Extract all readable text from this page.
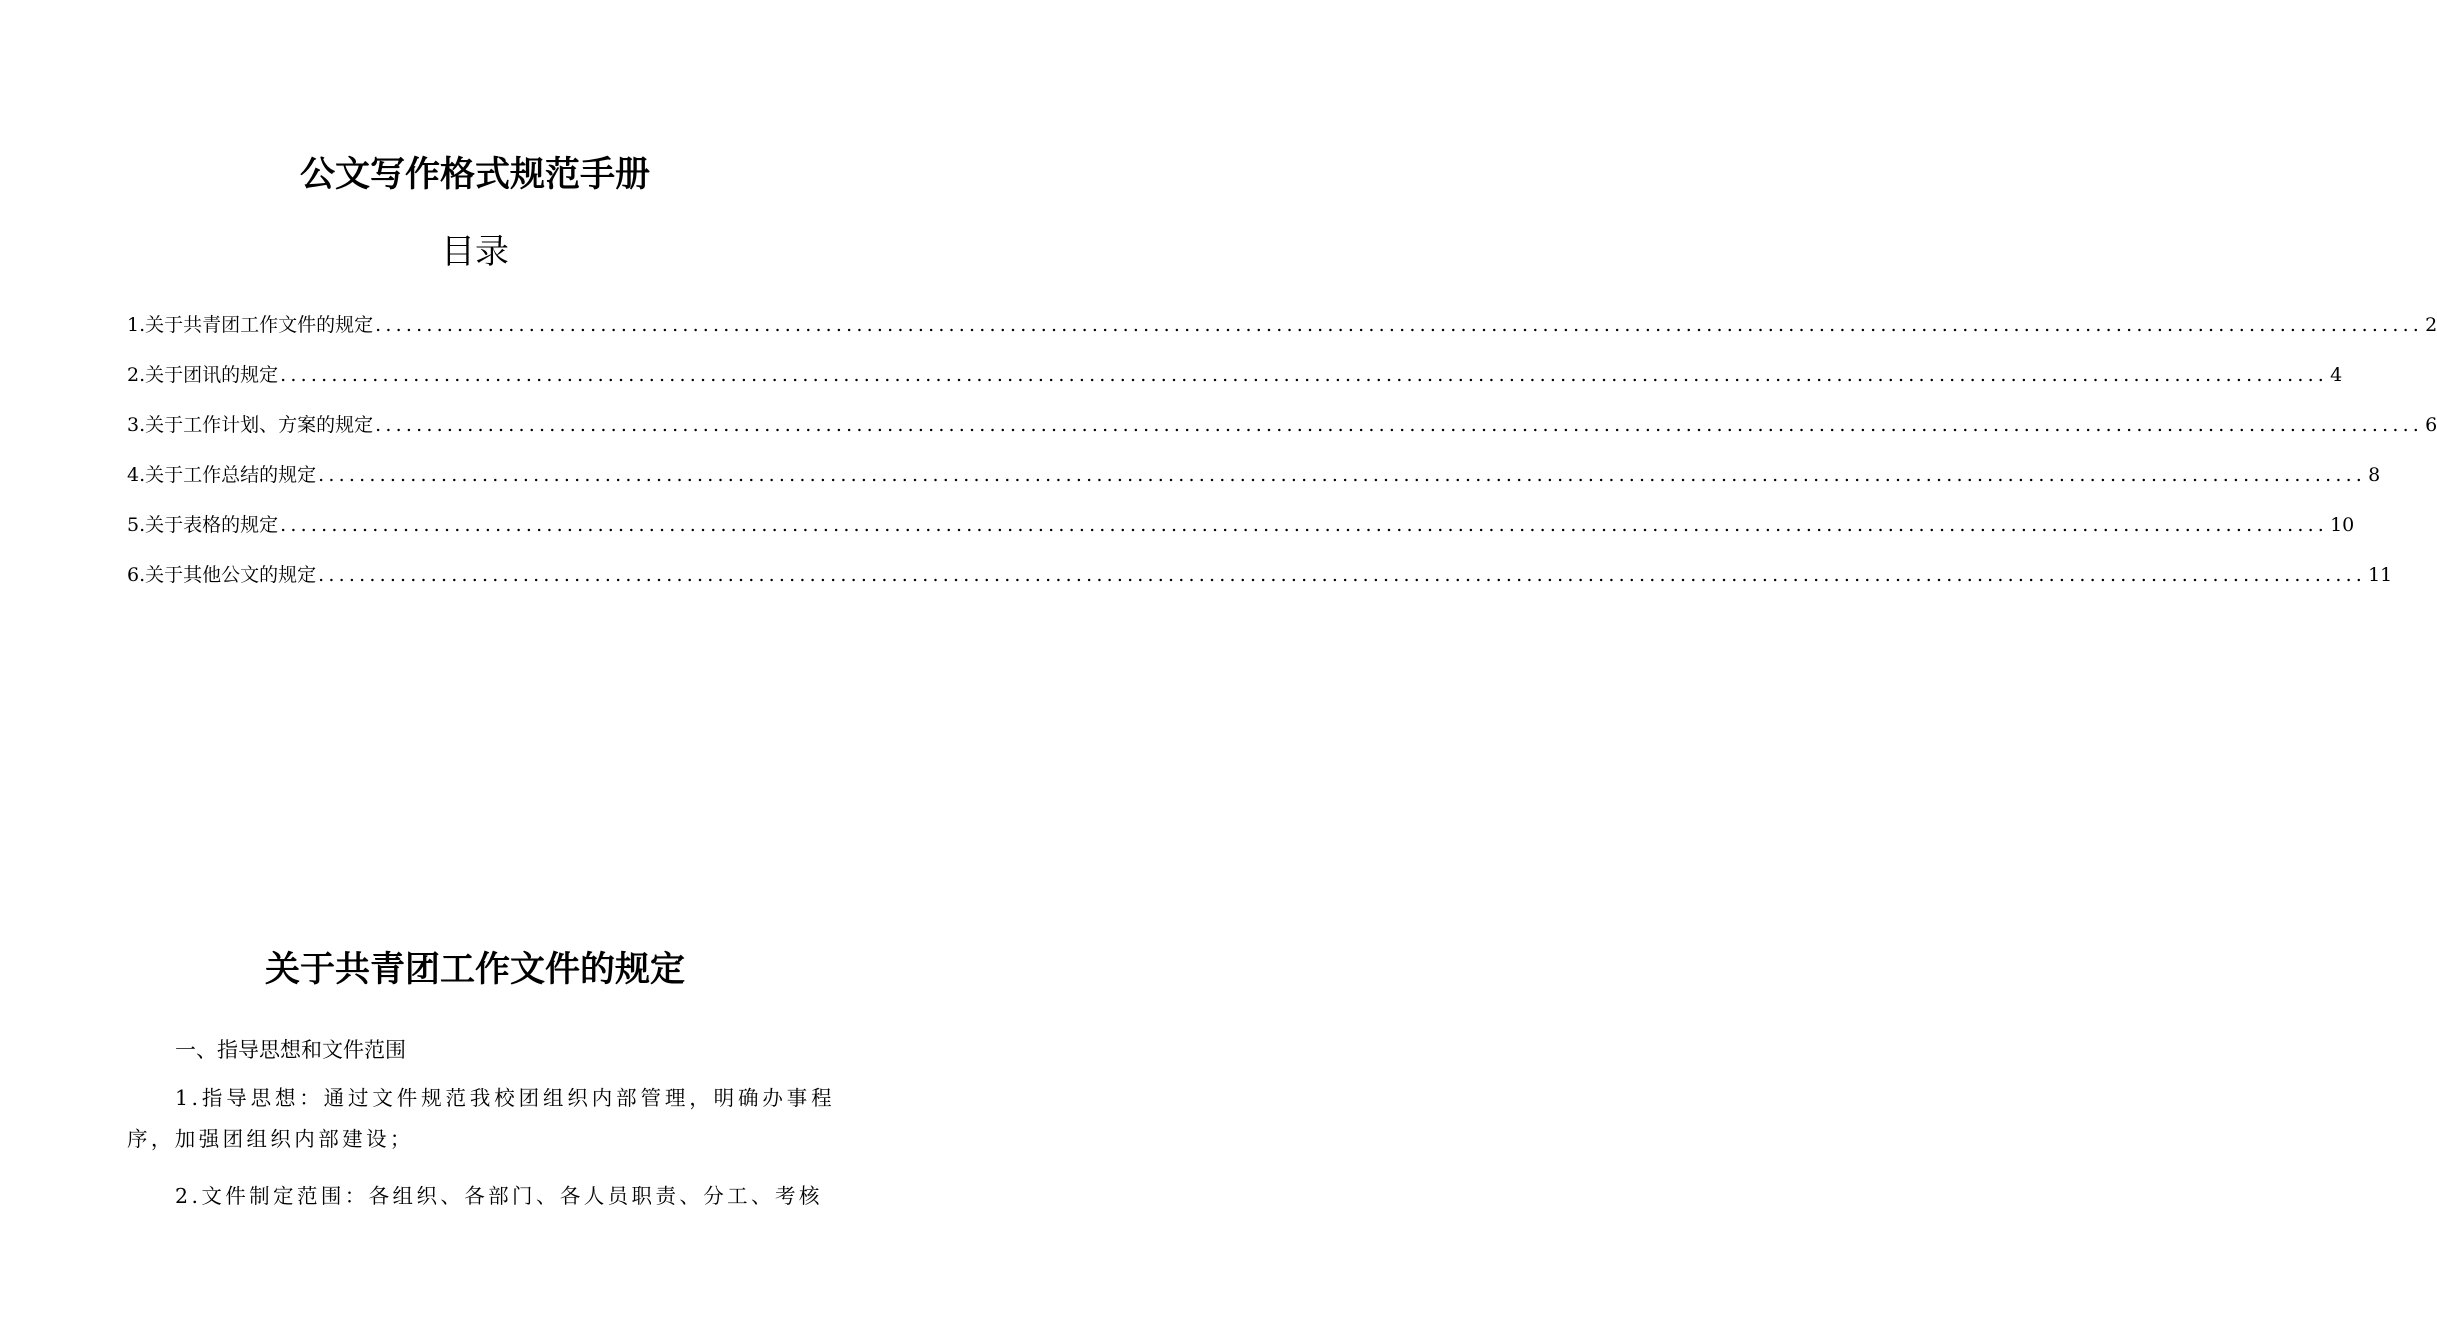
公文写作格式规范手册
目录
1.关于共青团工作文件的规定 ........................................................................................................................................................................................................ 2
2.关于团讯的规定 ........................................................................................................................................................................................................ 4
3.关于工作计划、方案的规定 ........................................................................................................................................................................................................ 6
4.关于工作总结的规定 ........................................................................................................................................................................................................ 8
5.关于表格的规定 ........................................................................................................................................................................................................ 10
6.关于其他公文的规定 ........................................................................................................................................................................................................ 11
关于共青团工作文件的规定
一、指导思想和文件范围

1.指导思想：通过文件规范我校团组织内部管理，明确办事程序，加强团组织内部建设；

2.文件制定范围：各组织、各部门、各人员职责、分工、考核
